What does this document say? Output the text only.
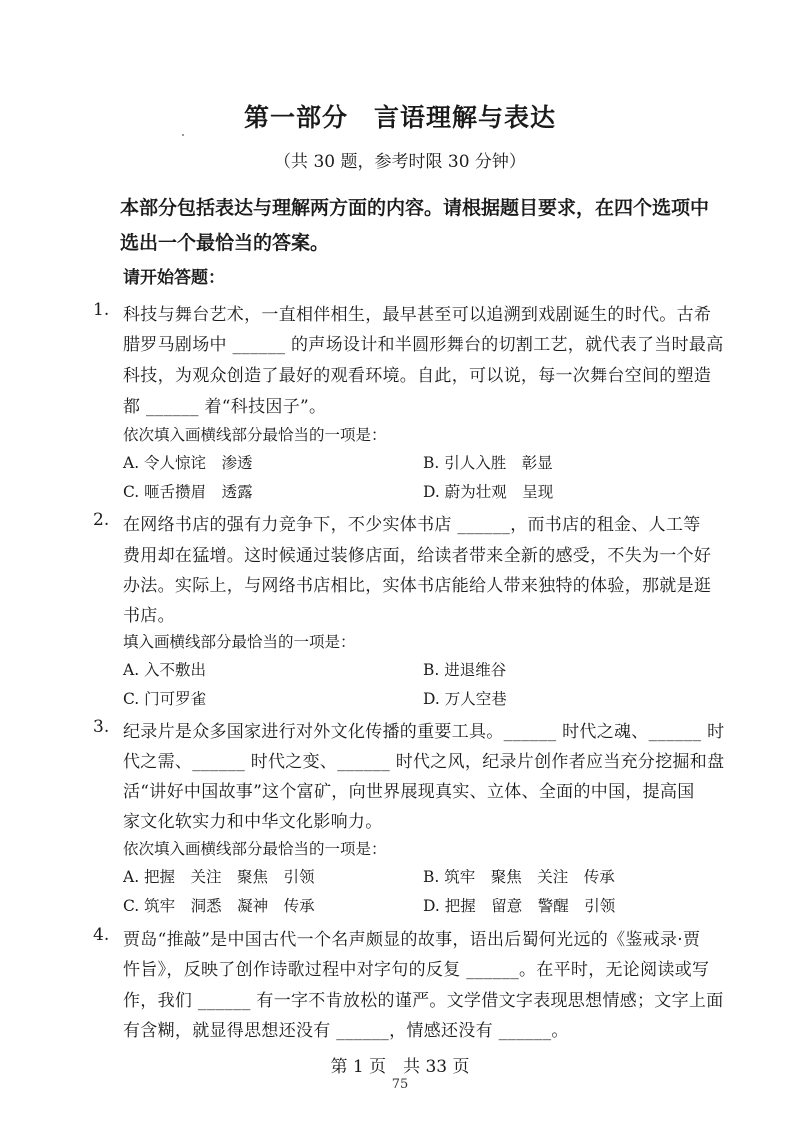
第一部分　言语理解与表达

（共 30 题，参考时限 30 分钟）

本部分包括表达与理解两方面的内容。请根据题目要求，在四个选项中

选出一个最恰当的答案。

请开始答题：

1. 科技与舞台艺术，一直相伴相生，最早甚至可以追溯到戏剧诞生的时代。古希

腊罗马剧场中 ______ 的声场设计和半圆形舞台的切割工艺，就代表了当时最高

科技，为观众创造了最好的观看环境。自此，可以说，每一次舞台空间的塑造

都 ______ 着“科技因子”。

依次填入画横线部分最恰当的一项是：

A. 令人惊诧　渗透	B. 引人入胜　彰显

C. 咂舌攒眉　透露	D. 蔚为壮观　呈现

2. 在网络书店的强有力竞争下，不少实体书店 ______，而书店的租金、人工等

费用却在猛增。这时候通过装修店面，给读者带来全新的感受，不失为一个好

办法。实际上，与网络书店相比，实体书店能给人带来独特的体验，那就是逛

书店。

填入画横线部分最恰当的一项是：

A. 入不敷出	B. 进退维谷

C. 门可罗雀	D. 万人空巷

3. 纪录片是众多国家进行对外文化传播的重要工具。______ 时代之魂、______ 时

代之需、______ 时代之变、______ 时代之风，纪录片创作者应当充分挖掘和盘

活“讲好中国故事”这个富矿，向世界展现真实、立体、全面的中国，提高国

家文化软实力和中华文化影响力。

依次填入画横线部分最恰当的一项是：

A. 把握　关注　聚焦　引领	B. 筑牢　聚焦　关注　传承

C. 筑牢　洞悉　凝神　传承	D. 把握　留意　警醒　引领

4. 贾岛“推敲”是中国古代一个名声颇显的故事，语出后蜀何光远的《鉴戒录·贾

忤旨》，反映了创作诗歌过程中对字句的反复 ______。在平时，无论阅读或写

作，我们 ______ 有一字不肯放松的谨严。文学借文字表现思想情感；文字上面

有含糊，就显得思想还没有 ______，情感还没有 ______。

第 1 页　共 33 页

75
